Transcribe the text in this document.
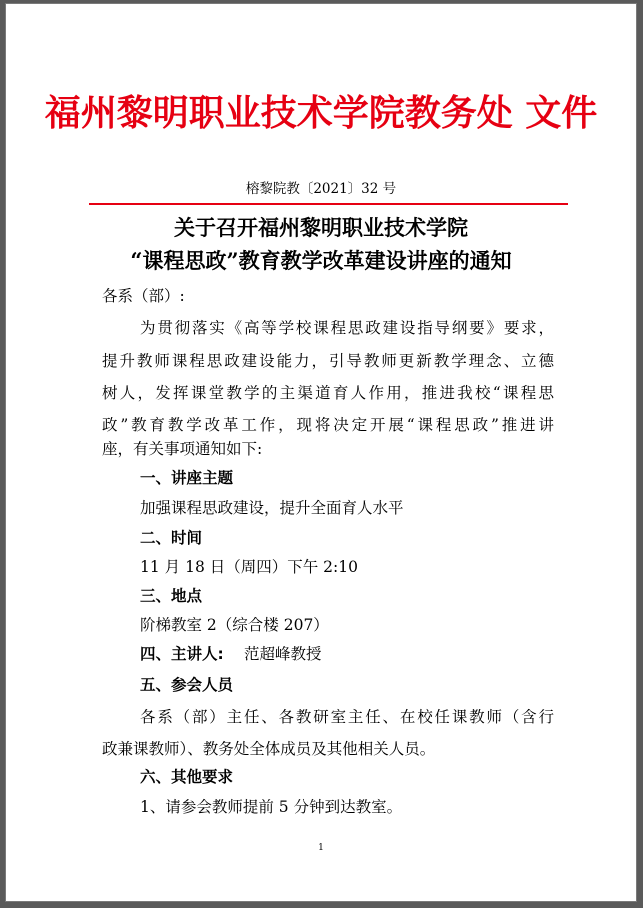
福州黎明职业技术学院教务处 文件
榕黎院教〔2021〕32 号
关于召开福州黎明职业技术学院
“课程思政”教育教学改革建设讲座的通知
各系（部）:
为贯彻落实《高等学校课程思政建设指导纲要》要求，
提升教师课程思政建设能力，引导教师更新教学理念、立德
树人，发挥课堂教学的主渠道育人作用，推进我校“课程思
政”教育教学改革工作，现将决定开展“课程思政”推进讲
座，有关事项通知如下:
一、讲座主题
加强课程思政建设，提升全面育人水平
二、时间
11 月 18 日（周四）下午 2:10
三、地点
阶梯教室 2（综合楼 207）
四、主讲人: 范超峰教授
五、参会人员
各系（部）主任、各教研室主任、在校任课教师（含行
政兼课教师）、教务处全体成员及其他相关人员。
六、其他要求
1、请参会教师提前 5 分钟到达教室。
1
